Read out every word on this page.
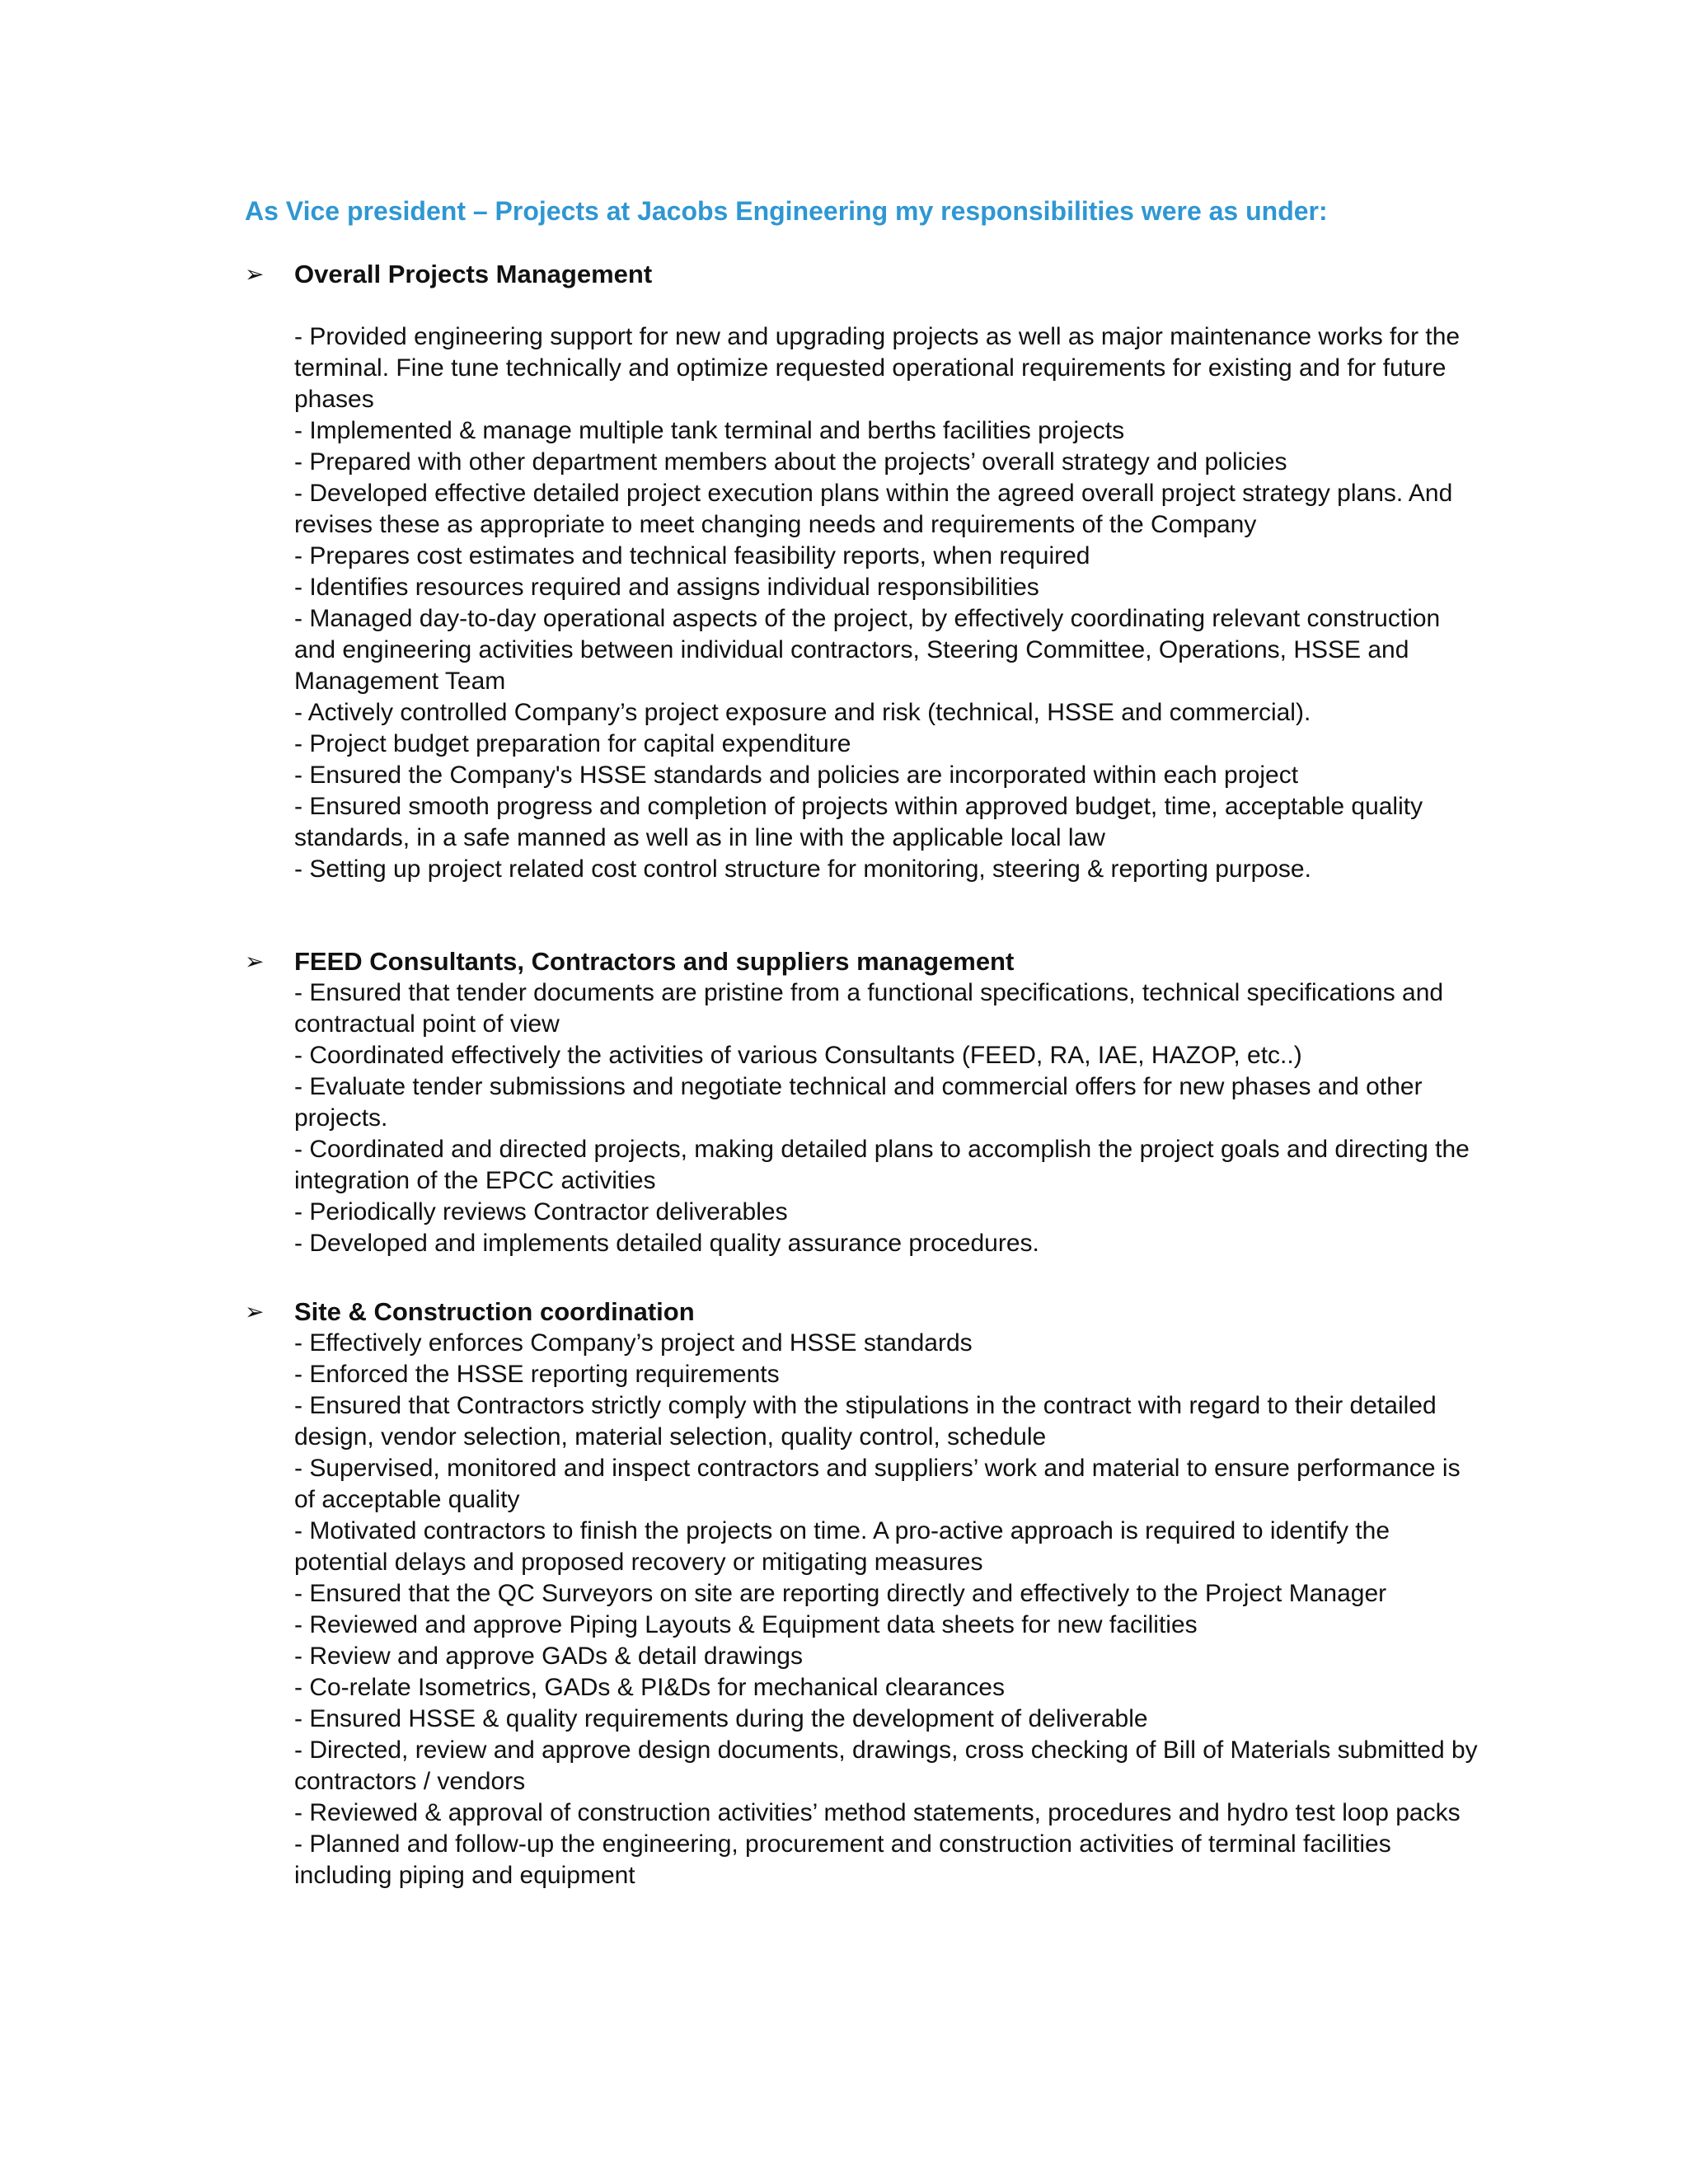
As Vice president – Projects at Jacobs Engineering my responsibilities were as under:
➢	Overall Projects Management

- Provided engineering support for new and upgrading projects as well as major maintenance works for the terminal. Fine tune technically and optimize requested operational requirements for existing and for future phases

- Implemented & manage multiple tank terminal and berths facilities projects

- Prepared with other department members about the projects’ overall strategy and policies

- Developed effective detailed project execution plans within the agreed overall project strategy plans. And revises these as appropriate to meet changing needs and requirements of the Company

- Prepares cost estimates and technical feasibility reports, when required

- Identifies resources required and assigns individual responsibilities

- Managed day-to-day operational aspects of the project, by effectively coordinating relevant construction and engineering activities between individual contractors, Steering Committee, Operations, HSSE and Management Team

- Actively controlled Company’s project exposure and risk (technical, HSSE and commercial).

- Project budget preparation for capital expenditure

- Ensured the Company's HSSE standards and policies are incorporated within each project

- Ensured smooth progress and completion of projects within approved budget, time, acceptable quality standards, in a safe manned as well as in line with the applicable local law

- Setting up project related cost control structure for monitoring, steering & reporting purpose.

➢	FEED Consultants, Contractors and suppliers management

- Ensured that tender documents are pristine from a functional specifications, technical specifications and contractual point of view

- Coordinated effectively the activities of various Consultants (FEED, RA, IAE, HAZOP, etc..)

- Evaluate tender submissions and negotiate technical and commercial offers for new phases and other projects.

- Coordinated and directed projects, making detailed plans to accomplish the project goals and directing the integration of the EPCC activities

- Periodically reviews Contractor deliverables

- Developed and implements detailed quality assurance procedures.

➢	Site & Construction coordination

- Effectively enforces Company’s project and HSSE standards

- Enforced the HSSE reporting requirements

- Ensured that Contractors strictly comply with the stipulations in the contract with regard to their detailed design, vendor selection, material selection, quality control, schedule

- Supervised, monitored and inspect contractors and suppliers’ work and material to ensure performance is of acceptable quality

- Motivated contractors to finish the projects on time. A pro-active approach is required to identify the potential delays and proposed recovery or mitigating measures

- Ensured that the QC Surveyors on site are reporting directly and effectively to the Project Manager

- Reviewed and approve Piping Layouts & Equipment data sheets for new facilities

- Review and approve GADs & detail drawings

- Co-relate Isometrics, GADs & PI&Ds for mechanical clearances

- Ensured HSSE & quality requirements during the development of deliverable

- Directed, review and approve design documents, drawings, cross checking of Bill of Materials submitted by contractors / vendors

- Reviewed & approval of construction activities’ method statements, procedures and hydro test loop packs

- Planned and follow-up the engineering, procurement and construction activities of terminal facilities including piping and equipment
